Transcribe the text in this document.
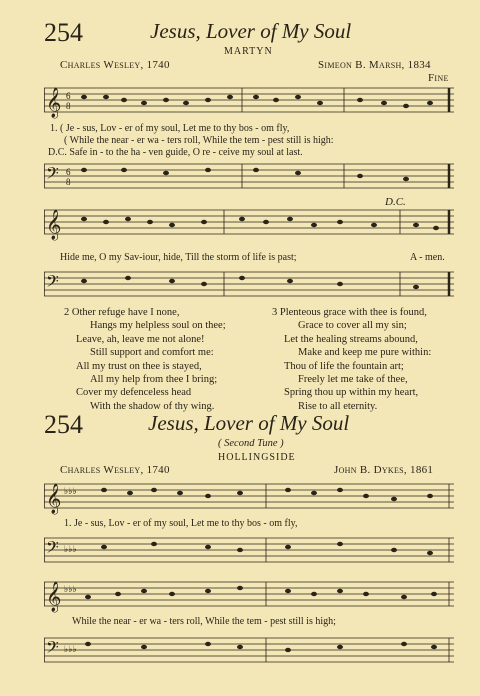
254	Jesus, Lover of My Soul
MARTYN
Charles Wesley, 1740	Simeon B. Marsh, 1834
Fine
𝄞 6
8
1. ( Je - sus, Lov - er of my soul, Let me to thy bos - om fly,
( While the near - er wa - ters roll, While the tem - pest still is high:
D.C. Safe in - to the ha - ven guide, O re - ceive my soul at last.
𝄢 6
8
D.C.
𝄞
Hide me, O my Sav-iour, hide, Till the storm of life is past;	A - men.
𝄢
2 Other refuge have I none,
Hangs my helpless soul on thee;
Leave, ah, leave me not alone!
Still support and comfort me:
All my trust on thee is stayed,
All my help from thee I bring;
Cover my defenceless head
With the shadow of thy wing.
3 Plenteous grace with thee is found,
Grace to cover all my sin;
Let the healing streams abound,
Make and keep me pure within:
Thou of life the fountain art;
Freely let me take of thee,
Spring thou up within my heart,
Rise to all eternity.
254	Jesus, Lover of My Soul
( Second Tune )
HOLLINGSIDE
Charles Wesley, 1740	John B. Dykes, 1861
𝄞 ♭♭♭
1. Je - sus, Lov - er of my soul, Let me to thy bos - om fly,
𝄢 ♭♭♭
𝄞 ♭♭♭
While the near - er wa - ters roll, While the tem - pest still is high;
𝄢 ♭♭♭
